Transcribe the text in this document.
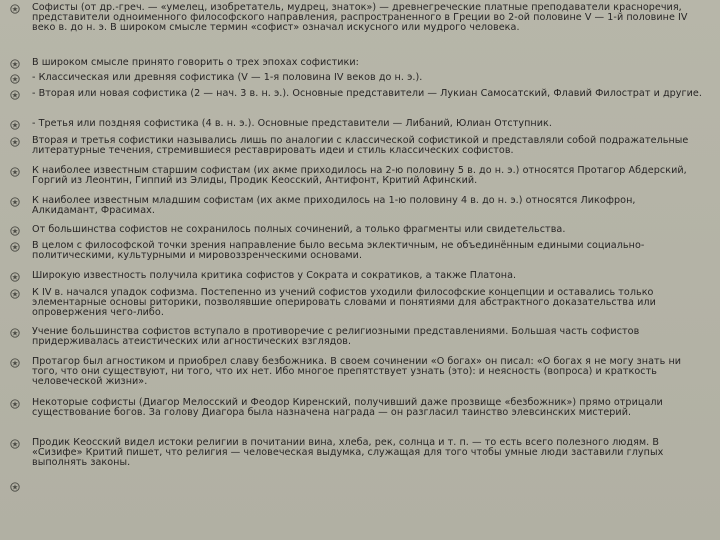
Софисты (от др.-греч. — «умелец, изобретатель, мудрец, знаток») — древнегреческие платные преподаватели красноречия, представители одноименного философского направления, распространенного в Греции во 2-ой половине V — 1-й половине IV веко в. до н. э. В широком смысле термин «софист» означал искусного или мудрого человека.
В широком смысле принято говорить о трех эпохах софистики:
- Классическая или древняя софистика (V — 1-я половина IV веков до н. э.).
- Вторая или новая софистика (2 — нач. 3 в. н. э.). Основные представители — Лукиан Самосатский, Флавий Филострат и другие.
- Третья или поздняя софистика (4 в. н. э.). Основные представители — Либаний, Юлиан Отступник.
Вторая и третья софистики назывались лишь по аналогии с классической софистикой и представляли собой подражательные литературные течения, стремившиеся реставрировать идеи и стиль классических софистов.
К наиболее известным старшим софистам (их акме приходилось на 2-ю половину 5 в. до н. э.) относятся Протагор Абдерский, Горгий из Леонтин, Гиппий из Элиды, Продик Кеосский, Антифонт, Критий Афинский.
К наиболее известным младшим софистам (их акме приходилось на 1-ю половину 4 в. до н. э.) относятся Ликофрон, Алкидамант, Фрасимах.
От большинства софистов не сохранилось полных сочинений, а только фрагменты или свидетельства.
В целом с философской точки зрения направление было весьма эклектичным, не объединённым едиными социально-политическими, культурными и мировоззренческими основами.
Широкую известность получила критика софистов у Сократа и сократиков, а также Платона.
К IV в. начался упадок софизма. Постепенно из учений софистов уходили философские концепции и оставались только элементарные основы риторики, позволявшие оперировать словами и понятиями для абстрактного доказательства или опровержения чего-либо.
Учение большинства софистов вступало в противоречие с религиозными представлениями. Большая часть софистов придерживалась атеистических или агностических взглядов.
Протагор был агностиком и приобрел славу безбожника. В своем сочинении «О богах» он писал: «О богах я не могу знать ни того, что они существуют, ни того, что их нет. Ибо многое препятствует узнать (это): и неясность (вопроса) и краткость человеческой жизни».
Некоторые софисты (Диагор Мелосский и Феодор Киренский, получивший даже прозвище «безбожник») прямо отрицали существование богов. За голову Диагора была назначена награда — он разгласил таинство элевсинских мистерий.
Продик Кеосский видел истоки религии в почитании вина, хлеба, рек, солнца и т. п. — то есть всего полезного людям. В «Сизифе» Критий пишет, что религия — человеческая выдумка, служащая для того чтобы умные люди заставили глупых выполнять законы.
